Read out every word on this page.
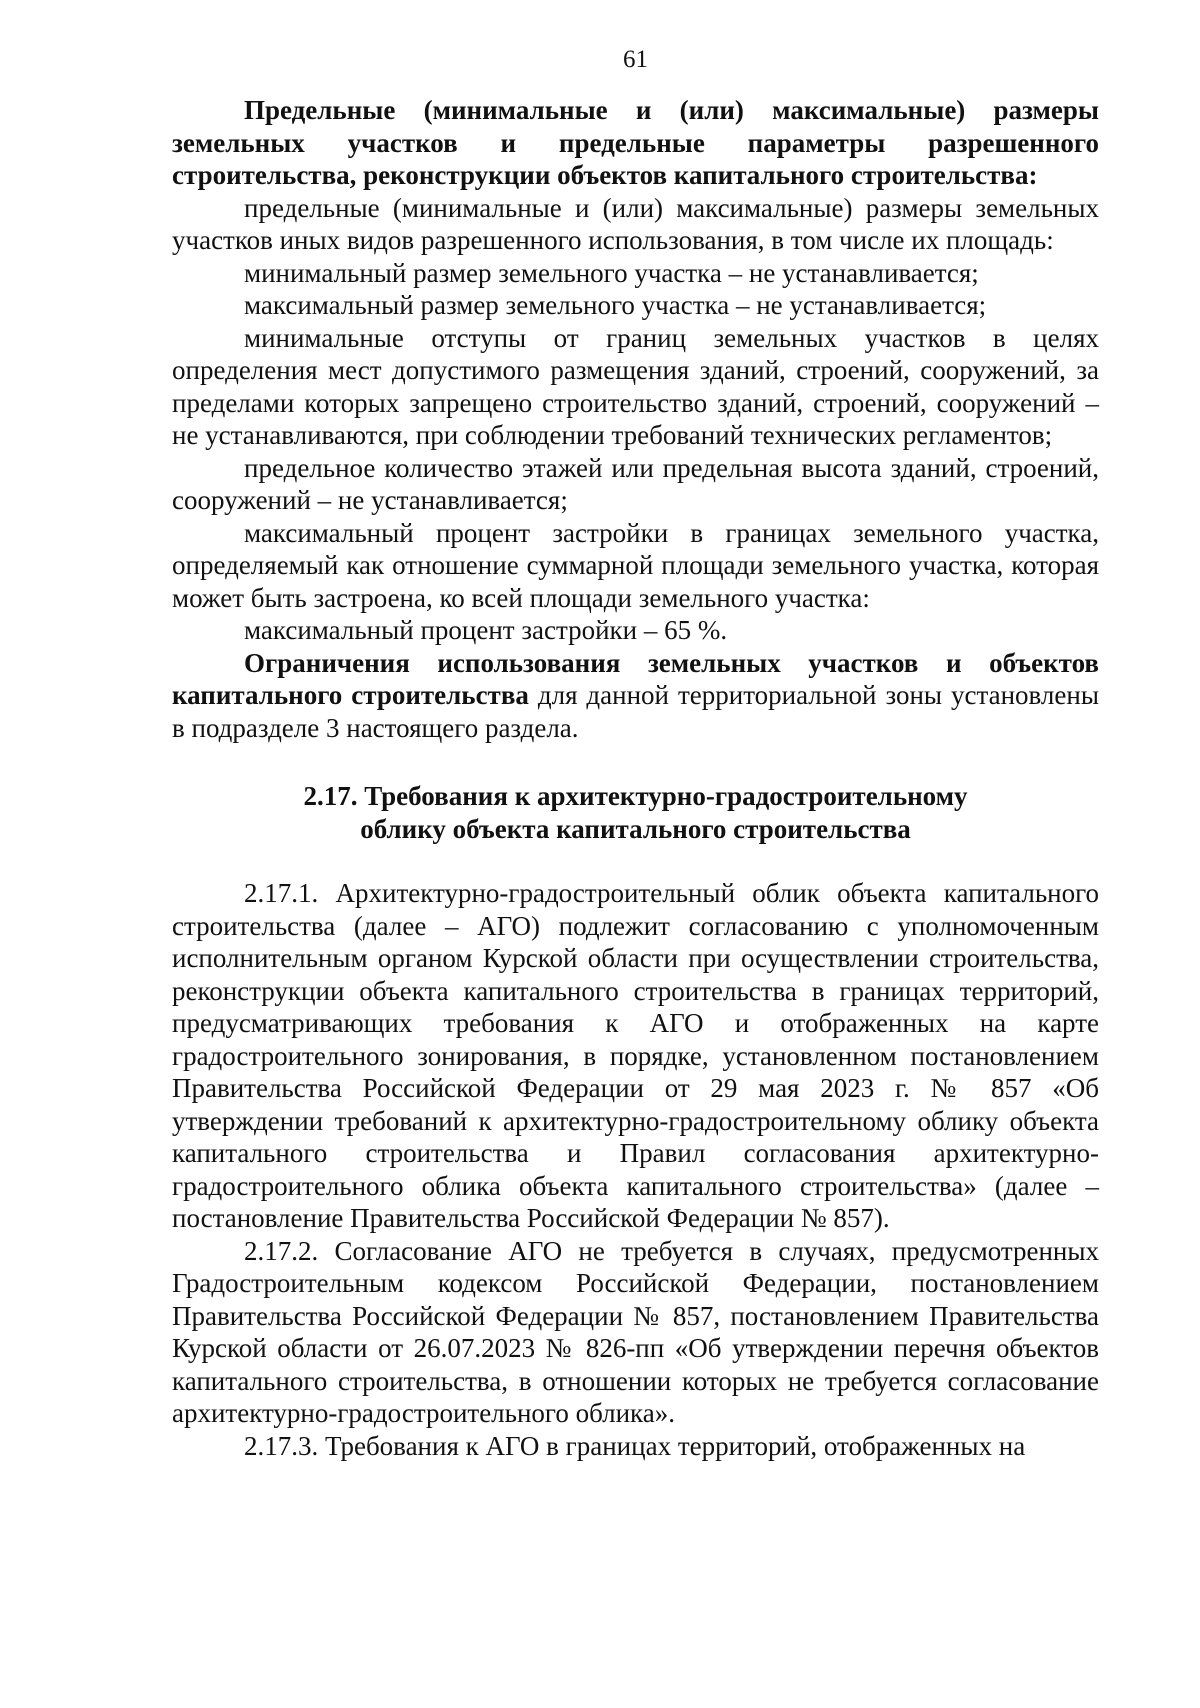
61

Предельные (минимальные и (или) максимальные) размеры земельных участков и предельные параметры разрешенного строительства, реконструкции объектов капитального строительства:

предельные (минимальные и (или) максимальные) размеры земельных участков иных видов разрешенного использования, в том числе их площадь:

минимальный размер земельного участка – не устанавливается;

максимальный размер земельного участка – не устанавливается;

минимальные отступы от границ земельных участков в целях определения мест допустимого размещения зданий, строений, сооружений, за пределами которых запрещено строительство зданий, строений, сооружений – не устанавливаются, при соблюдении требований технических регламентов;

предельное количество этажей или предельная высота зданий, строений, сооружений – не устанавливается;

максимальный процент застройки в границах земельного участка, определяемый как отношение суммарной площади земельного участка, которая может быть застроена, ко всей площади земельного участка:

максимальный процент застройки – 65 %.

Ограничения использования земельных участков и объектов капитального строительства для данной территориальной зоны установлены в подразделе 3 настоящего раздела.

2.17. Требования к архитектурно-градостроительному
облику объекта капитального строительства

2.17.1. Архитектурно-градостроительный облик объекта капитального строительства (далее – АГО) подлежит согласованию с уполномоченным исполнительным органом Курской области при осуществлении строительства, реконструкции объекта капитального строительства в границах территорий, предусматривающих требования к АГО и отображенных на карте градостроительного зонирования, в порядке, установленном постановлением Правительства Российской Федерации от 29 мая 2023 г. № 857 «Об утверждении требований к архитектурно-градостроительному облику объекта капитального строительства и Правил согласования архитектурно-градостроительного облика объекта капитального строительства» (далее – постановление Правительства Российской Федерации № 857).

2.17.2. Согласование АГО не требуется в случаях, предусмотренных Градостроительным кодексом Российской Федерации, постановлением Правительства Российской Федерации № 857, постановлением Правительства Курской области от 26.07.2023 № 826-пп «Об утверждении перечня объектов капитального строительства, в отношении которых не требуется согласование архитектурно-градостроительного облика».

2.17.3. Требования к АГО в границах территорий, отображенных на
